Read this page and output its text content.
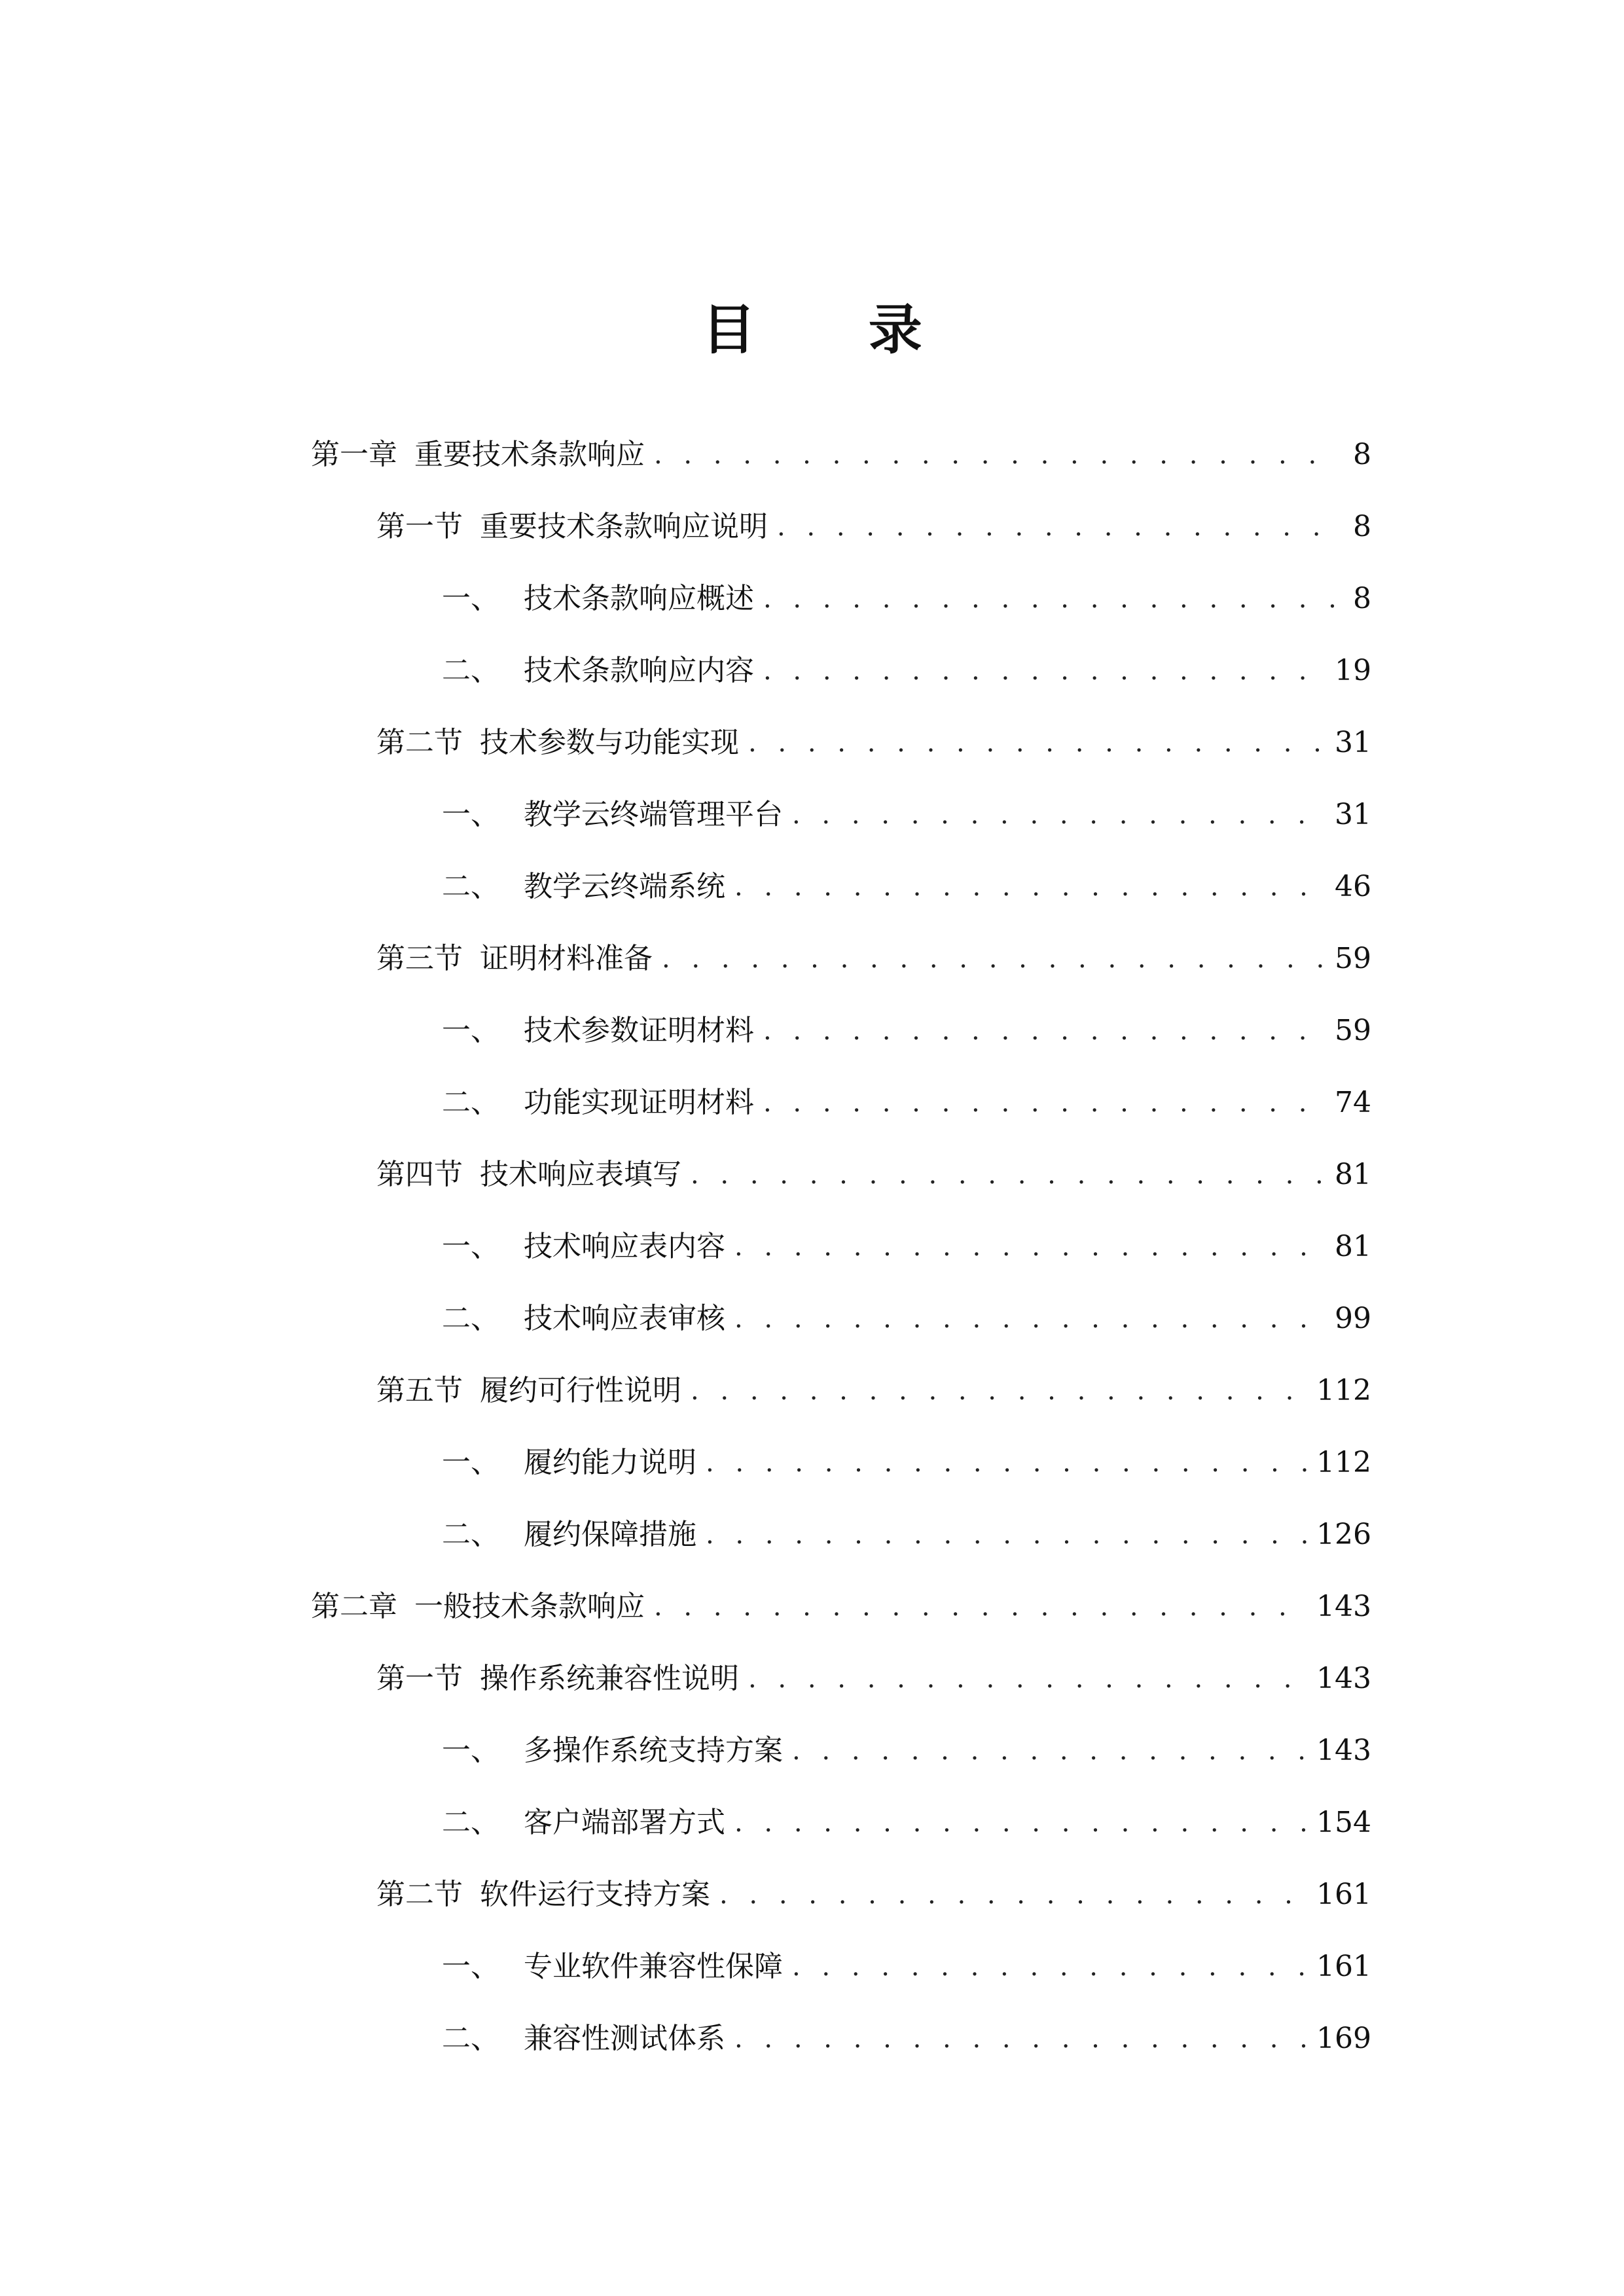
目 录
第一章 重要技术条款响应 . . .	8
第一节 重要技术条款响应说明 . . .	8
一、 技术条款响应概述 . . .	8
二、 技术条款响应内容 . . .	19
第二节 技术参数与功能实现 . . .	31
一、 教学云终端管理平台 . . .	31
二、 教学云终端系统 . . .	46
第三节 证明材料准备 . . .	59
一、 技术参数证明材料 . . .	59
二、 功能实现证明材料 . . .	74
第四节 技术响应表填写 . . .	81
一、 技术响应表内容 . . .	81
二、 技术响应表审核 . . .	99
第五节 履约可行性说明 . . .	112
一、 履约能力说明 . . .	112
二、 履约保障措施 . . .	126
第二章 一般技术条款响应 . . .	143
第一节 操作系统兼容性说明 . . .	143
一、 多操作系统支持方案 . . .	143
二、 客户端部署方式 . . .	154
第二节 软件运行支持方案 . . .	161
一、 专业软件兼容性保障 . . .	161
二、 兼容性测试体系 . . .	169
